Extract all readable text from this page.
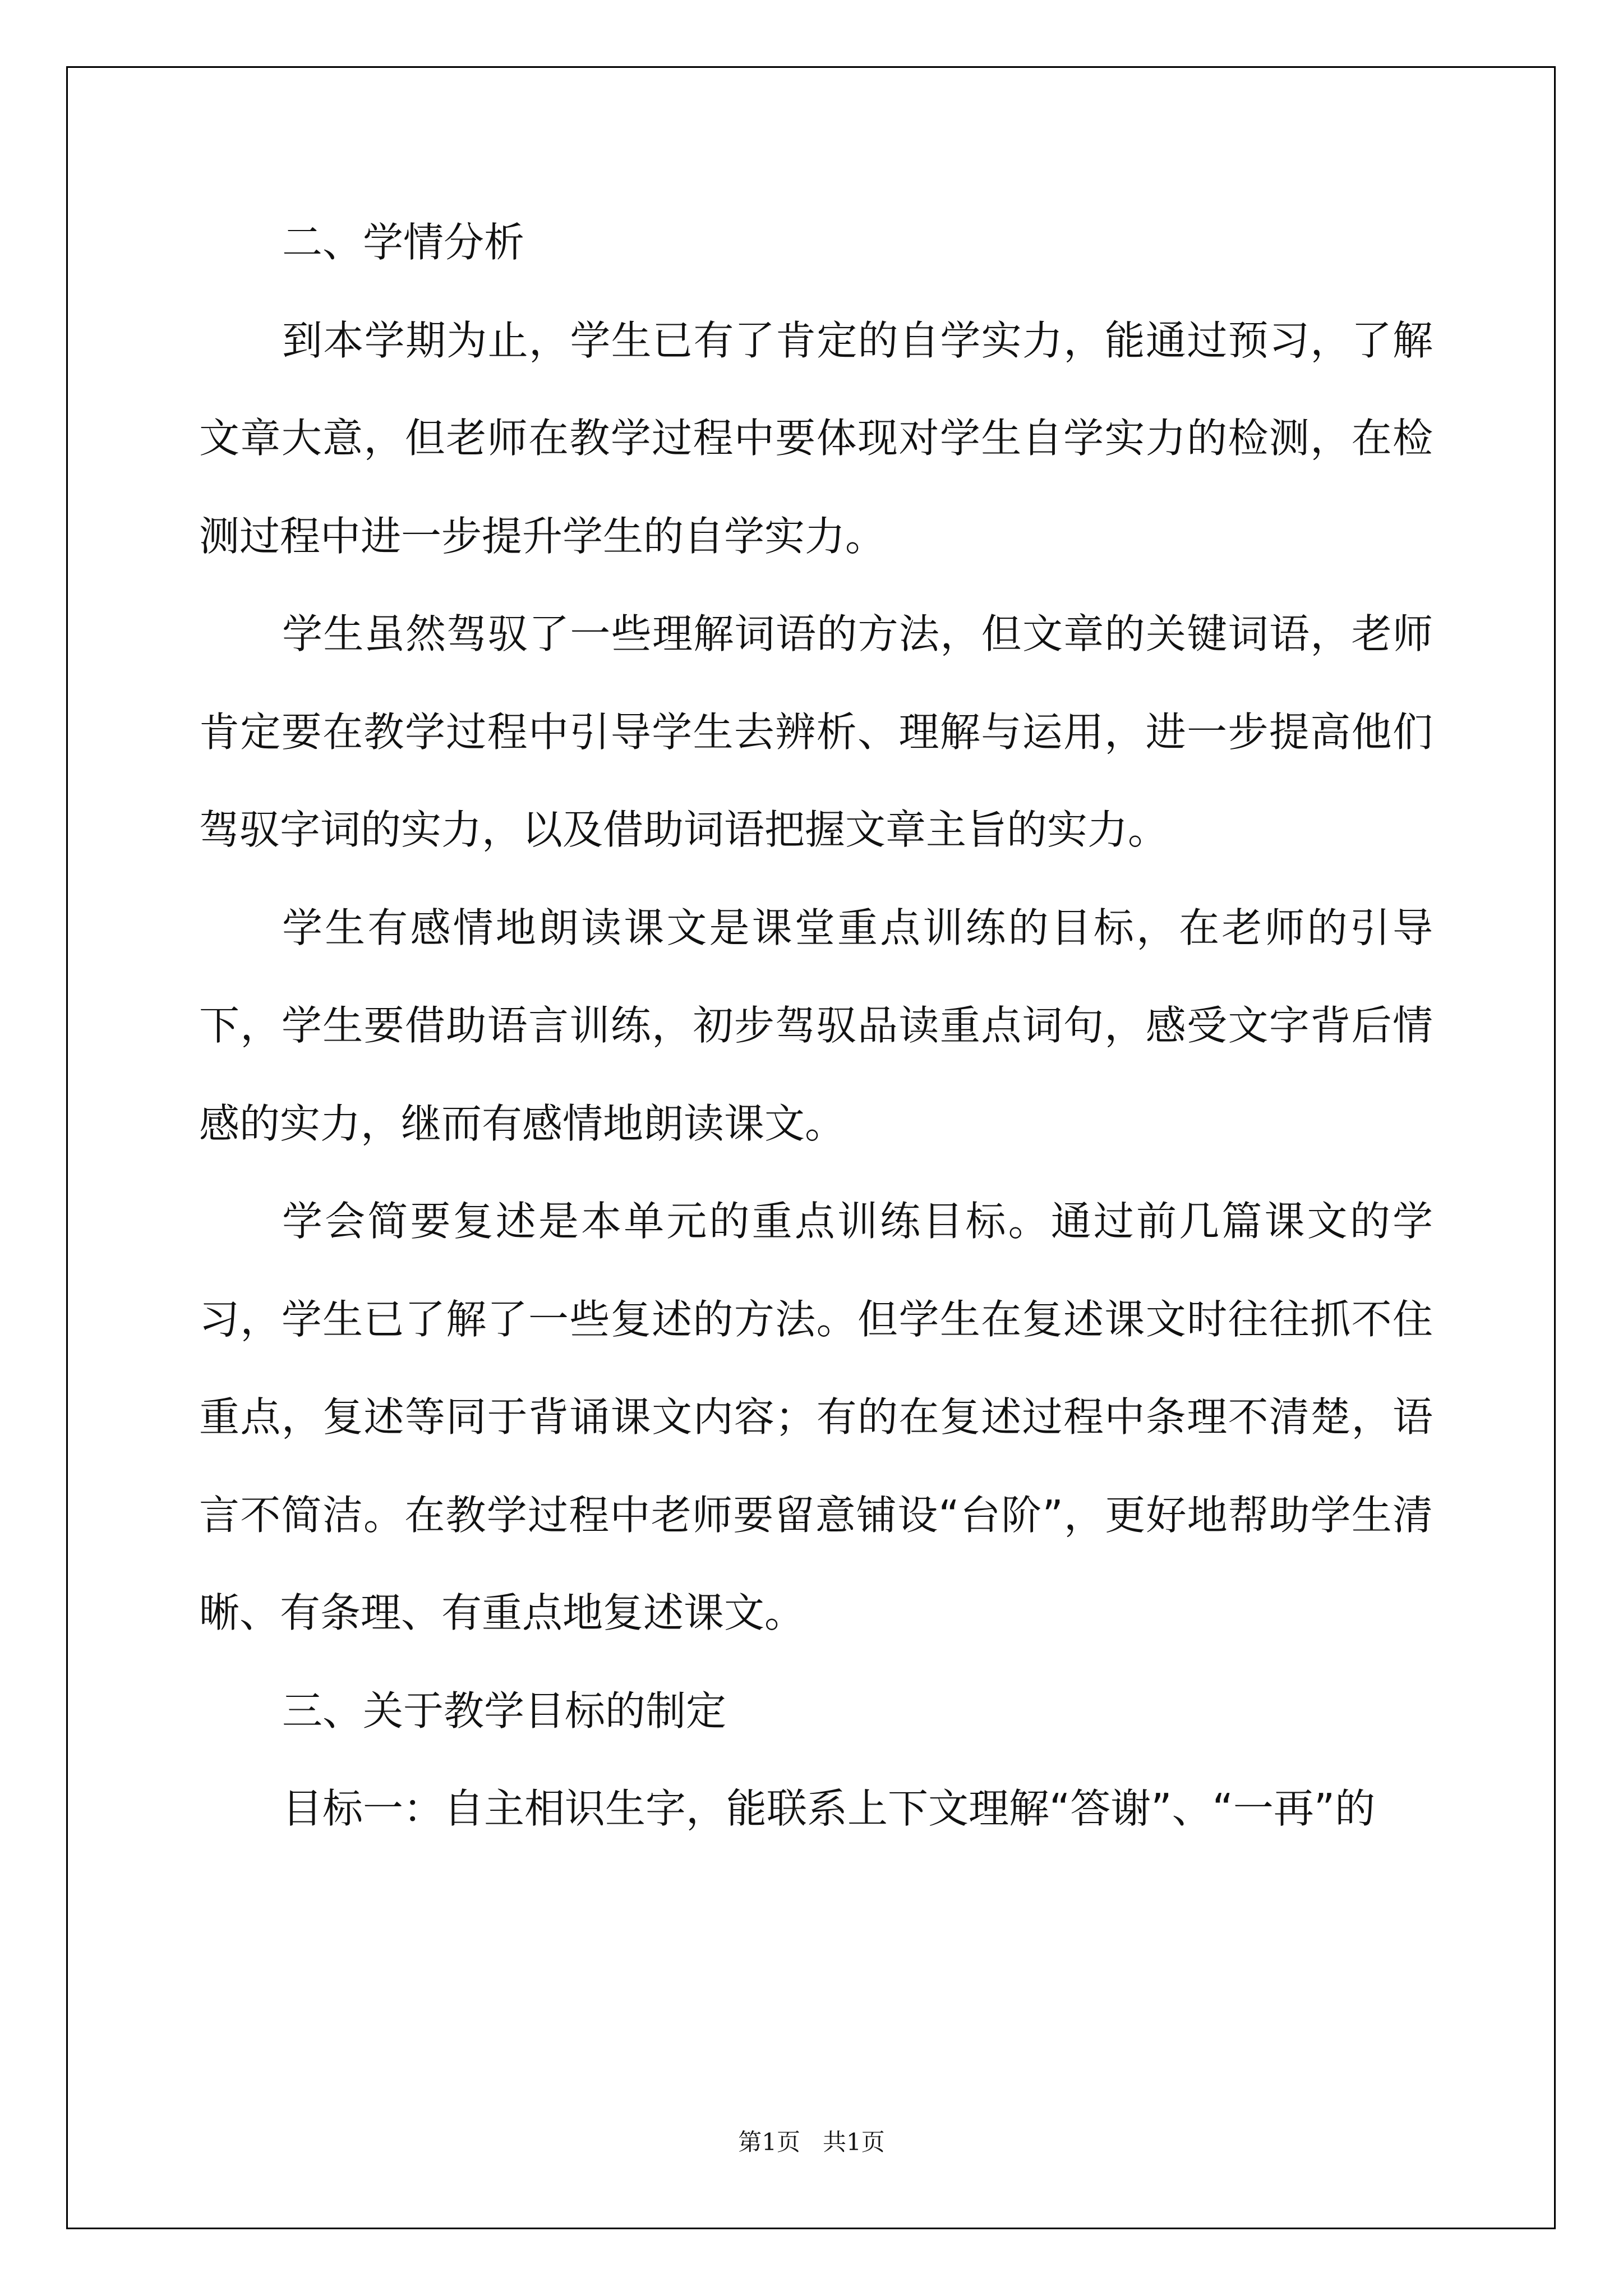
二、学情分析

到本学期为止，学生已有了肯定的自学实力，能通过预习，了解文章大意，但老师在教学过程中要体现对学生自学实力的检测，在检测过程中进一步提升学生的自学实力。

学生虽然驾驭了一些理解词语的方法，但文章的关键词语，老师肯定要在教学过程中引导学生去辨析、理解与运用，进一步提高他们驾驭字词的实力，以及借助词语把握文章主旨的实力。

学生有感情地朗读课文是课堂重点训练的目标，在老师的引导下，学生要借助语言训练，初步驾驭品读重点词句，感受文字背后情感的实力，继而有感情地朗读课文。

学会简要复述是本单元的重点训练目标。通过前几篇课文的学习，学生已了解了一些复述的方法。但学生在复述课文时往往抓不住重点，复述等同于背诵课文内容；有的在复述过程中条理不清楚，语言不简洁。在教学过程中老师要留意铺设“台阶”，更好地帮助学生清晰、有条理、有重点地复述课文。

三、关于教学目标的制定

目标一：自主相识生字，能联系上下文理解“答谢”、“一再”的

第1页   共1页
